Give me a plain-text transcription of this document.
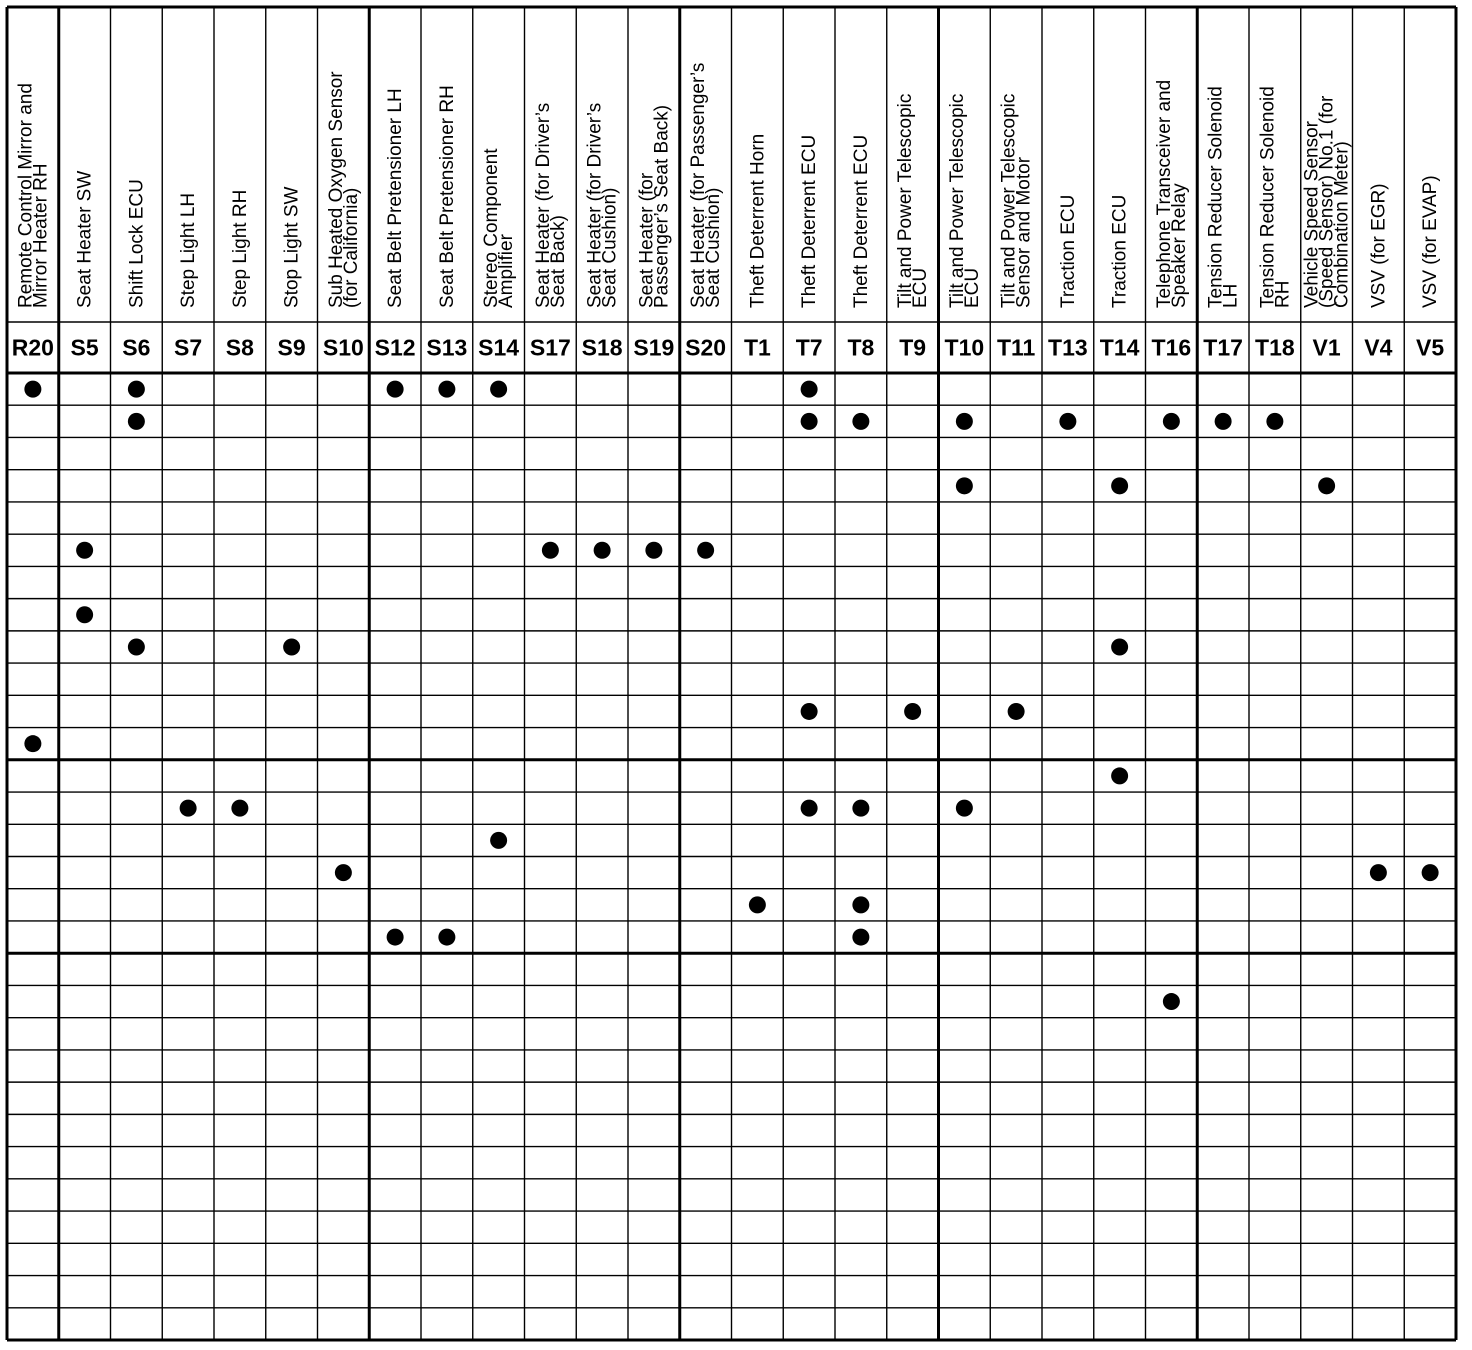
Remote Control Mirror and
Mirror Heater RH Seat Heater SW Shift Lock ECU Step Light LH Step Light RH Stop Light SW Sub Heated Oxygen Sensor
(for California) Seat Belt Pretensioner LH Seat Belt Pretensioner RH Stereo Component
Amplifier Seat Heater (for Driver’s
Seat Back) Seat Heater (for Driver’s
Seat Cushion) Seat Heater (for
Passenger’s Seat Back) Seat Heater (for Passenger’s
Seat Cushion) Theft Deterrent Horn Theft Deterrent ECU Theft Deterrent ECU Tilt and Power Telescopic
ECU Tilt and Power Telescopic
ECU Tilt and Power Telescopic
Sensor and Motor Traction ECU Traction ECU Telephone Transceiver and
Speaker Relay Tension Reducer Solenoid
LH Tension Reducer Solenoid
RH Vehicle Speed Sensor
(Speed Sensor) No.1 (for
Combination Meter) VSV (for EGR) VSV (for EVAP)
R20 S5 S6 S7 S8 S9 S10 S12 S13 S14 S17 S18 S19 S20 T1 T7 T8 T9 T10 T11 T13 T14 T16 T17 T18 V1 V4 V5
